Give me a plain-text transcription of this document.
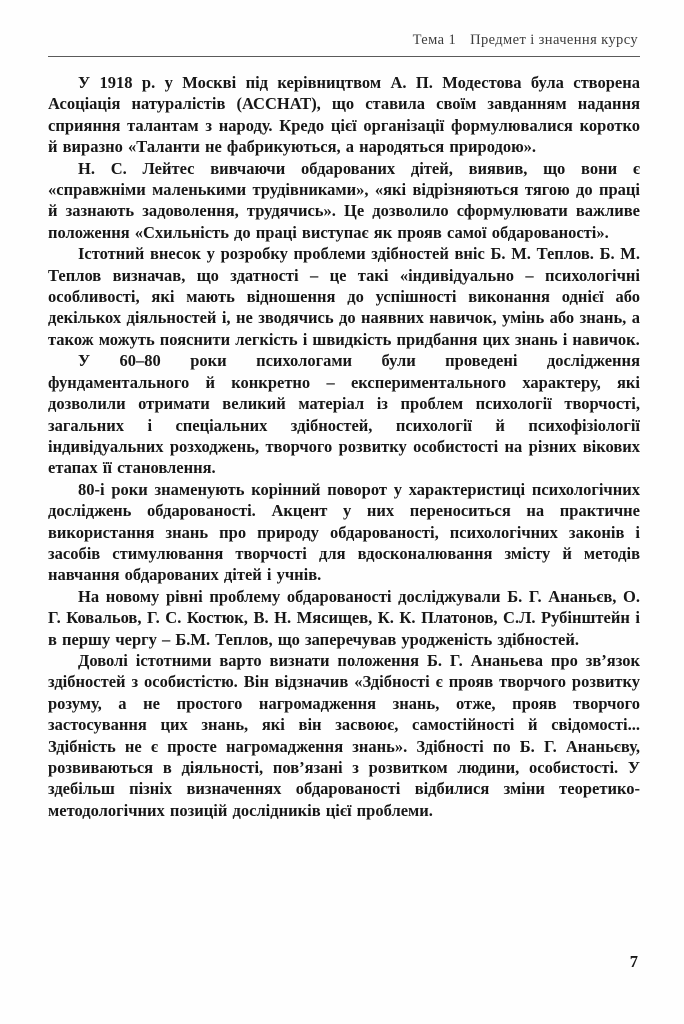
Тема 1 Предмет і значення курсу

У 1918 р. у Москві під керівництвом А. П. Модестова була створена Асоціація натуралістів (АССНАТ), що ставила своїм завданням надання сприяння талантам з народу. Кредо цієї організації формулювалися коротко й виразно «Таланти не фабрикуються, а народяться природою».

Н. С. Лейтес вивчаючи обдарованих дітей, виявив, що вони є «справжніми маленькими трудівниками», «які відрізняються тягою до праці й зазнають задоволення, трудячись». Це дозволило сформулювати важливе положення «Схильність до праці виступає як прояв самої обдарованості».

Істотний внесок у розробку проблеми здібностей вніс Б. М. Теплов. Б. М. Теплов визначав, що здатності – це такі «індивідуально – психологічні особливості, які мають відношення до успішності виконання однієї або декількох діяльностей і, не зводячись до наявних навичок, умінь або знань, а також можуть пояснити легкість і швидкість придбання цих знань і навичок.

У 60–80 роки психологами були проведені дослідження фундаментального й конкретно – експериментального характеру, які дозволили отримати великий матеріал із проблем психології творчості, загальних і спеціальних здібностей, психології й психофізіології індивідуальних розходжень, творчого розвитку особистості на різних вікових етапах її становлення.

80-і роки знаменують корінний поворот у характеристиці психологічних досліджень обдарованості. Акцент у них переноситься на практичне використання знань про природу обдарованості, психологічних законів і засобів стимулювання творчості для вдосконалювання змісту й методів навчання обдарованих дітей і учнів.

На новому рівні проблему обдарованості досліджували Б. Г. Ананьєв, О. Г. Ковальов, Г. С. Костюк, В. Н. Мясищев, К. К. Платонов, С.Л. Рубінштейн і в першу чергу – Б.М. Теплов, що заперечував уродженість здібностей.

Доволі істотними варто визнати положення Б. Г. Ананьева про зв’язок здібностей з особистістю. Він відзначив «Здібності є прояв творчого розвитку розуму, а не простого нагромадження знань, отже, прояв творчого застосування цих знань, які він засвоює, самостійності й свідомості... Здібність не є просте нагромадження знань». Здібності по Б. Г. Ананьєву, розвиваються в діяльності, пов’язані з розвитком людини, особистості. У здебільш пізніх визначеннях обдарованості відбилися зміни теоретико-методологічних позицій дослідників цієї проблеми.

7
